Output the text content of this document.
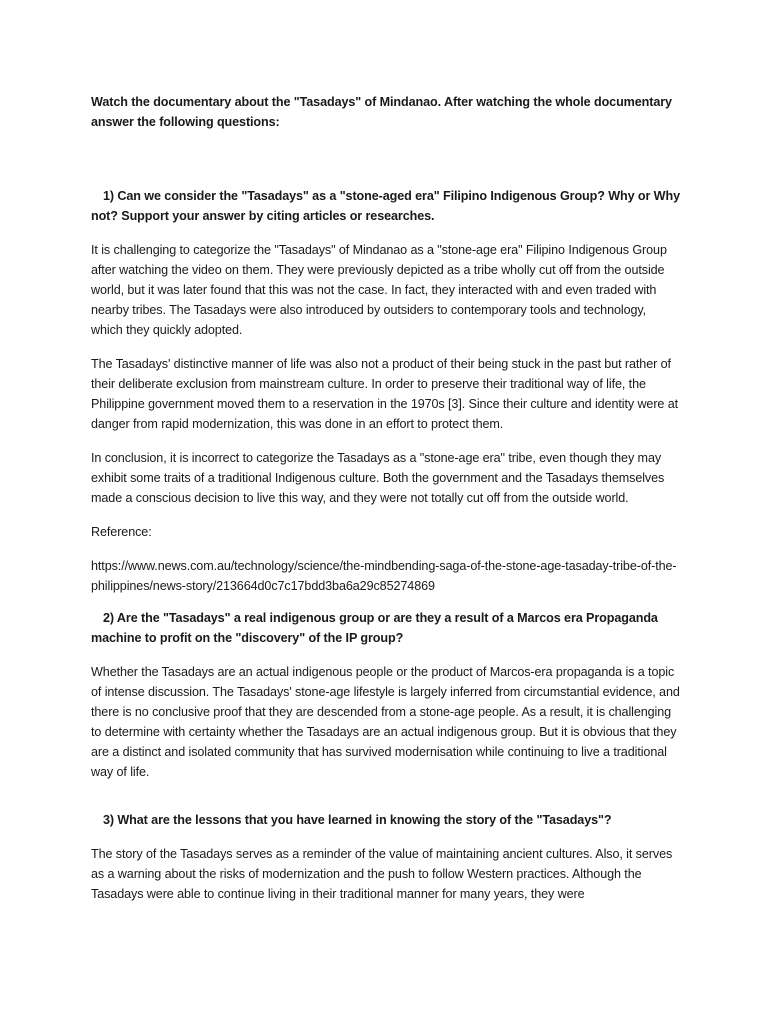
Watch the documentary about the "Tasadays" of Mindanao. After watching the whole documentary answer the following questions:

1) Can we consider the "Tasadays" as a "stone-aged era" Filipino Indigenous Group? Why or Why not? Support your answer by citing articles or researches.

It is challenging to categorize the "Tasadays" of Mindanao as a "stone-age era" Filipino Indigenous Group after watching the video on them. They were previously depicted as a tribe wholly cut off from the outside world, but it was later found that this was not the case. In fact, they interacted with and even traded with nearby tribes. The Tasadays were also introduced by outsiders to contemporary tools and technology, which they quickly adopted.

The Tasadays' distinctive manner of life was also not a product of their being stuck in the past but rather of their deliberate exclusion from mainstream culture. In order to preserve their traditional way of life, the Philippine government moved them to a reservation in the 1970s [3]. Since their culture and identity were at danger from rapid modernization, this was done in an effort to protect them.

In conclusion, it is incorrect to categorize the Tasadays as a "stone-age era" tribe, even though they may exhibit some traits of a traditional Indigenous culture. Both the government and the Tasadays themselves made a conscious decision to live this way, and they were not totally cut off from the outside world.

Reference:

https://www.news.com.au/technology/science/the-mindbending-saga-of-the-stone-age-tasaday-tribe-of-the-philippines/news-story/213664d0c7c17bdd3ba6a29c85274869

2) Are the "Tasadays" a real indigenous group or are they a result of a Marcos era Propaganda machine to profit on the "discovery" of the IP group?

Whether the Tasadays are an actual indigenous people or the product of Marcos-era propaganda is a topic of intense discussion. The Tasadays' stone-age lifestyle is largely inferred from circumstantial evidence, and there is no conclusive proof that they are descended from a stone-age people. As a result, it is challenging to determine with certainty whether the Tasadays are an actual indigenous group. But it is obvious that they are a distinct and isolated community that has survived modernisation while continuing to live a traditional way of life.

3) What are the lessons that you have learned in knowing the story of the "Tasadays"?

The story of the Tasadays serves as a reminder of the value of maintaining ancient cultures. Also, it serves as a warning about the risks of modernization and the push to follow Western practices. Although the Tasadays were able to continue living in their traditional manner for many years, they were
